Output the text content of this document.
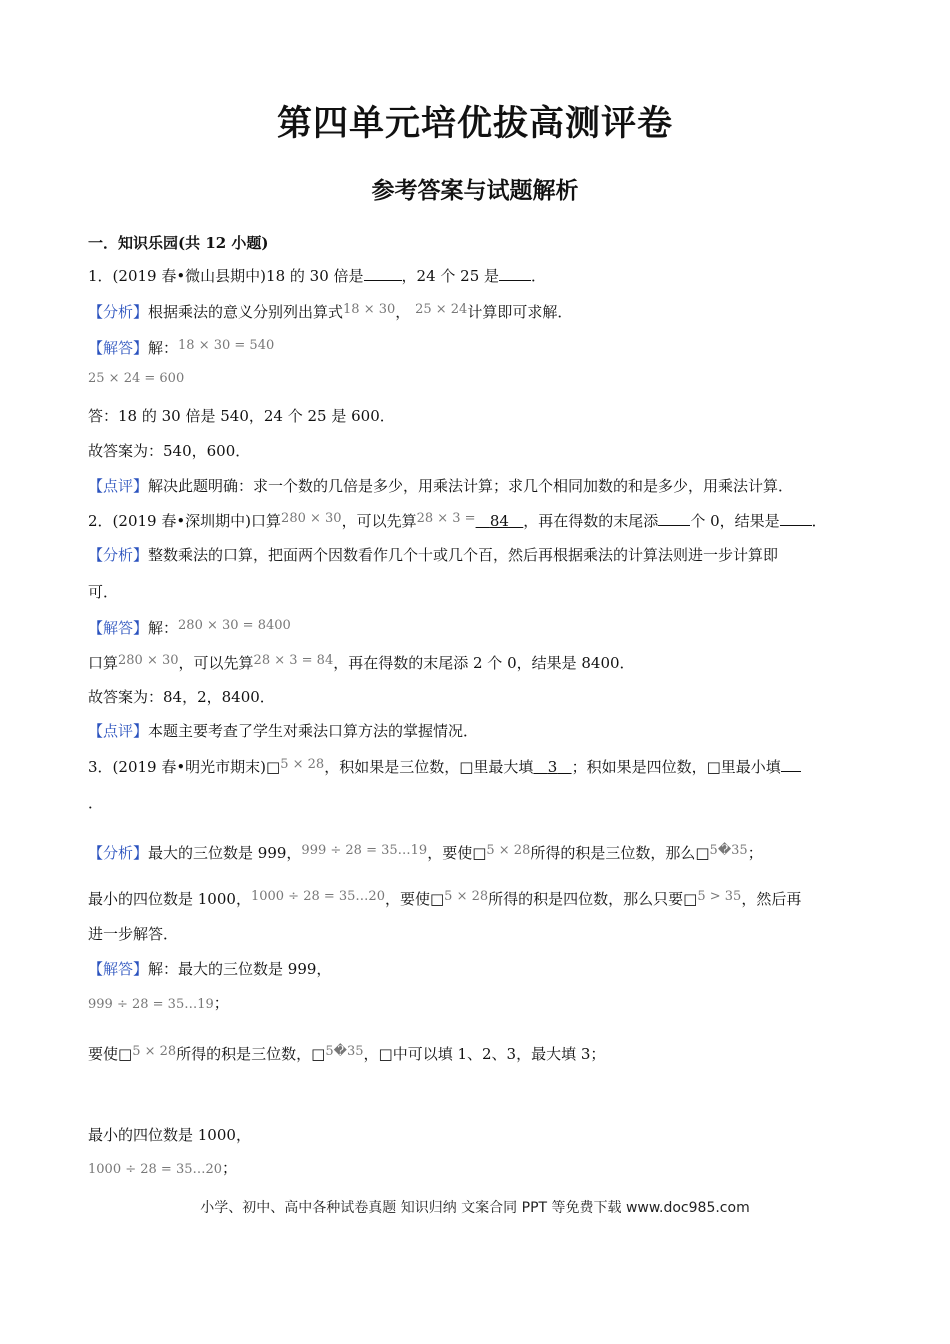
第四单元培优拔高测评卷
参考答案与试题解析
一．知识乐园(共 12 小题)
1．(2019 春•微山县期中)18 的 30 倍是	，24 个 25 是 ．
【分析】根据乘法的意义分别列出算式18 × 30， 25 × 24计算即可求解．
【解答】解：18 × 30 = 540
25 × 24 = 600
答：18 的 30 倍是 540，24 个 25 是 600．
故答案为：540，600．
【点评】解决此题明确：求一个数的几倍是多少，用乘法计算；求几个相同加数的和是多少，用乘法计算．
2．(2019 春•深圳期中)口算280 × 30，可以先算28 × 3 = 84 ，再在得数的末尾添 个 0，结果是 ．
【分析】整数乘法的口算，把面两个因数看作几个十或几个百，然后再根据乘法的计算法则进一步计算即
可．
【解答】解：280 × 30 = 8400
口算280 × 30，可以先算28 × 3 = 84，再在得数的末尾添 2 个 0，结果是 8400．
故答案为：84，2，8400．
【点评】本题主要考查了学生对乘法口算方法的掌握情况．
3．(2019 春•明光市期末)□5 × 28，积如果是三位数，□里最大填 3 ；积如果是四位数，□里最小填
．
【分析】最大的三位数是 999，999 ÷ 28 = 35…19，要使□5 × 28所得的积是三位数，那么□5�35；
最小的四位数是 1000，1000 ÷ 28 = 35…20，要使□5 × 28所得的积是四位数，那么只要□5 > 35，然后再
进一步解答．
【解答】解：最大的三位数是 999，
999 ÷ 28 = 35…19；
要使□5 × 28所得的积是三位数，□5�35，□中可以填 1、2、3，最大填 3；
最小的四位数是 1000，
1000 ÷ 28 = 35…20；
小学、初中、高中各种试卷真题 知识归纳 文案合同 PPT 等免费下载 www.doc985.com
